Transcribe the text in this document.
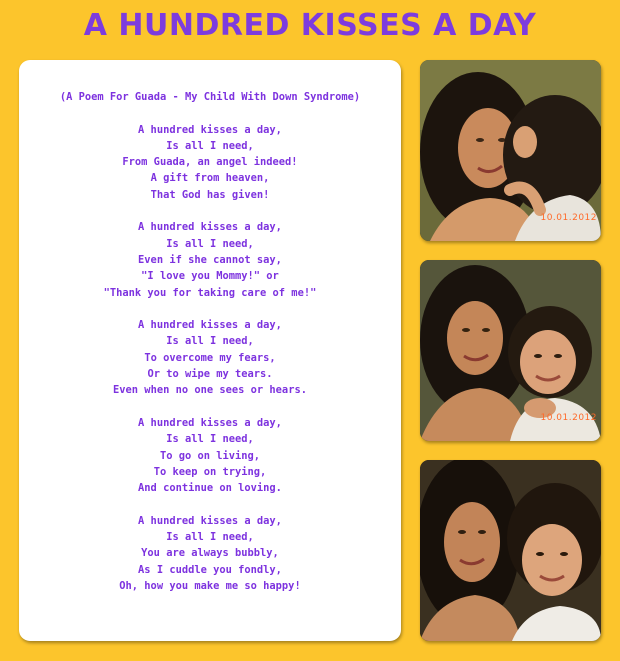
A HUNDRED KISSES A DAY
(A Poem For Guada - My Child With Down Syndrome)
A hundred kisses a day,
Is all I need,
From Guada, an angel indeed!
A gift from heaven,
That God has given!
A hundred kisses a day,
Is all I need,
Even if she cannot say,
"I love you Mommy!" or
"Thank you for taking care of me!"
A hundred kisses a day,
Is all I need,
To overcome my fears,
Or to wipe my tears.
Even when no one sees or hears.
A hundred kisses a day,
Is all I need,
To go on living,
To keep on trying,
And continue on loving.
A hundred kisses a day,
Is all I need,
You are always bubbly,
As I cuddle you fondly,
Oh, how you make me so happy!
10.01.2012
10.01.2012
